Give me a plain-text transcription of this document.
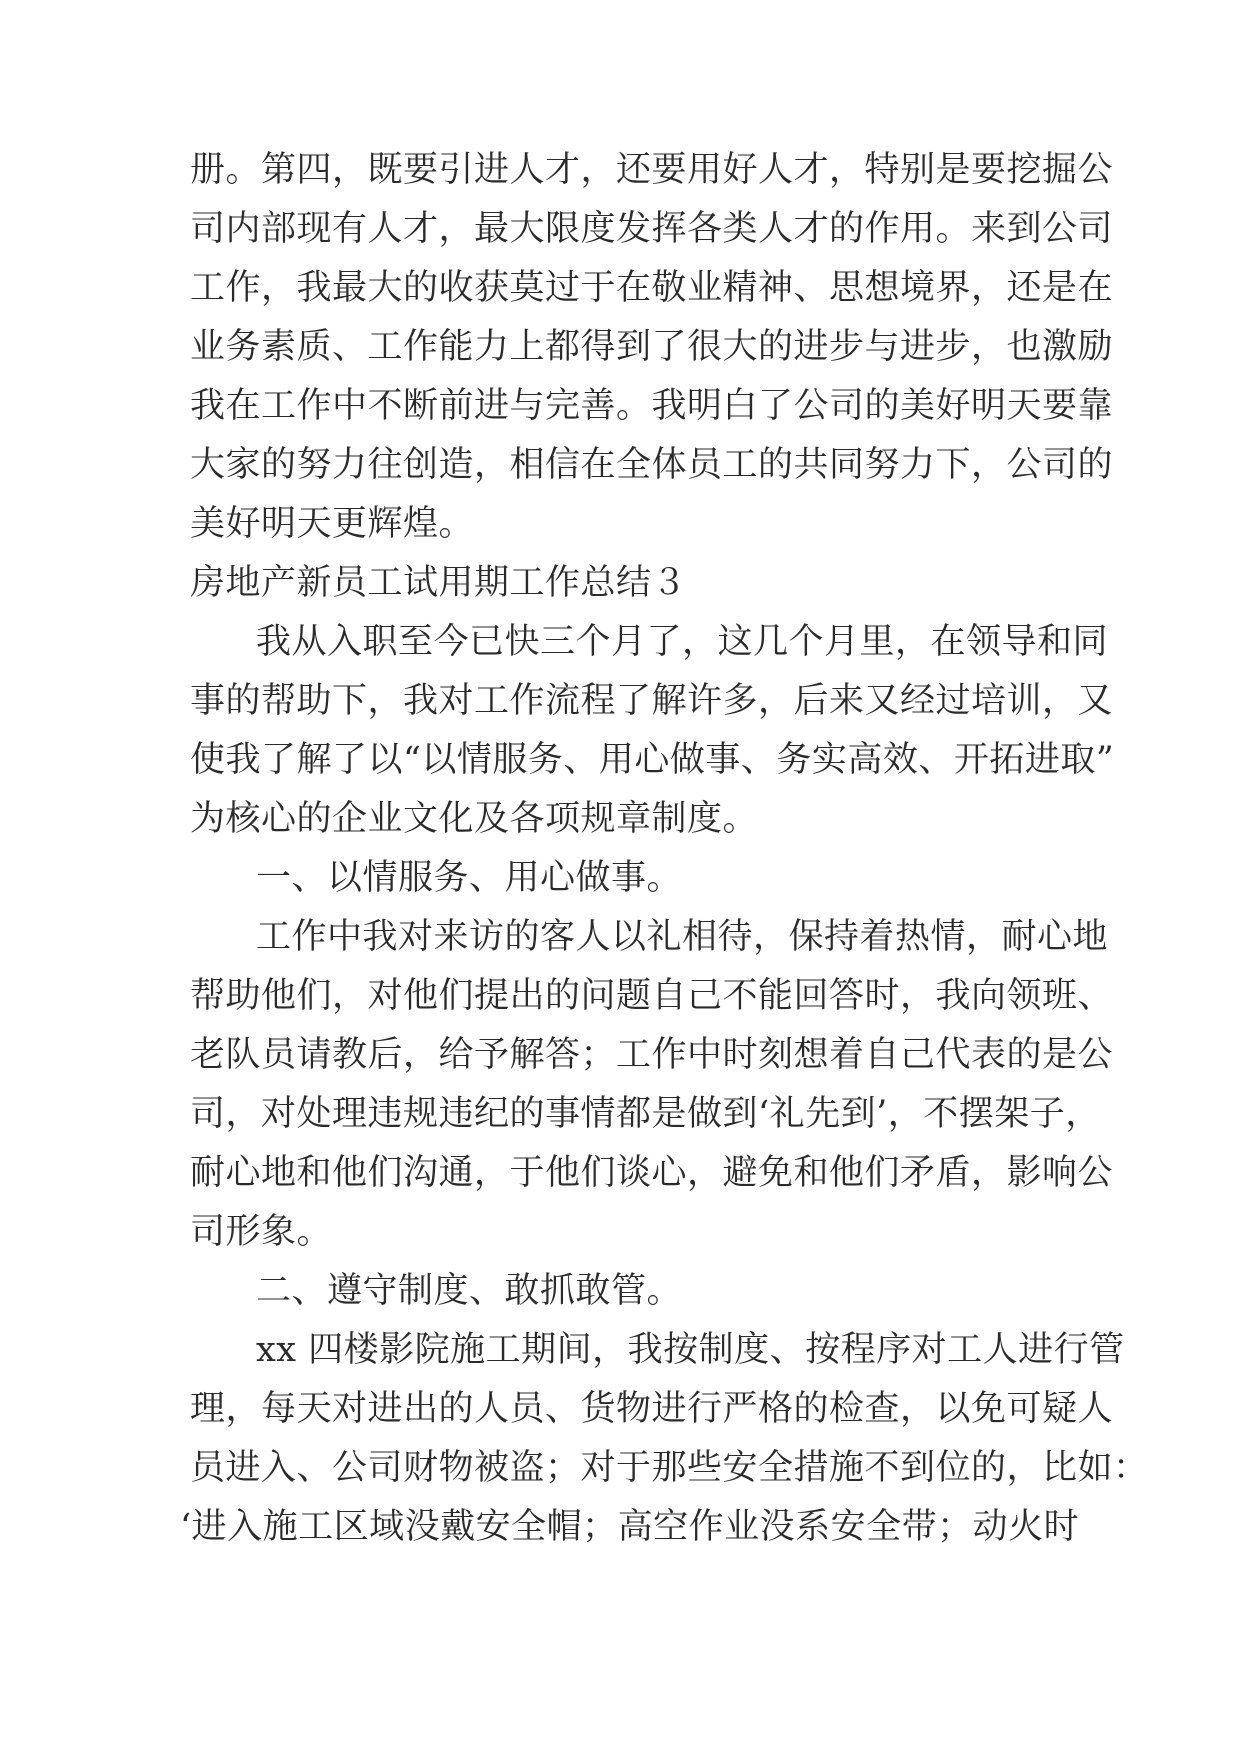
册。第四，既要引进人才，还要用好人才，特别是要挖掘公
司内部现有人才，最大限度发挥各类人才的作用。来到公司
工作，我最大的收获莫过于在敬业精神、思想境界，还是在
业务素质、工作能力上都得到了很大的进步与进步，也激励
我在工作中不断前进与完善。我明白了公司的美好明天要靠
大家的努力往创造，相信在全体员工的共同努力下，公司的
美好明天更辉煌。
房地产新员工试用期工作总结３
我从入职至今已快三个月了，这几个月里，在领导和同
事的帮助下，我对工作流程了解许多，后来又经过培训，又
使我了解了以“以情服务、用心做事、务实高效、开拓进取”
为核心的企业文化及各项规章制度。
一、以情服务、用心做事。
工作中我对来访的客人以礼相待，保持着热情，耐心地
帮助他们，对他们提出的问题自己不能回答时，我向领班、
老队员请教后，给予解答；工作中时刻想着自己代表的是公
司，对处理违规违纪的事情都是做到‘礼先到’，不摆架子，
耐心地和他们沟通，于他们谈心，避免和他们矛盾，影响公
司形象。
二、遵守制度、敢抓敢管。
xx 四楼影院施工期间，我按制度、按程序对工人进行管
理，每天对进出的人员、货物进行严格的检查，以免可疑人
员进入、公司财物被盗；对于那些安全措施不到位的，比如：
‘进入施工区域没戴安全帽；高空作业没系安全带；动火时
